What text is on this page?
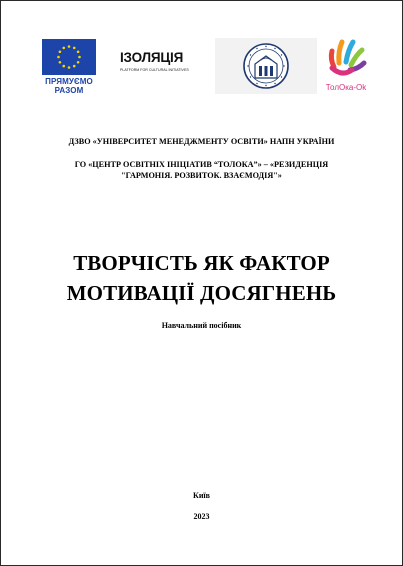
ПРЯМУЄМО
РАЗОМ
ІЗОЛЯЦІЯ
PLATFORM FOR CULTURAL INITIATIVES
ТолОка-Ok
ДЗВО «УНІВЕРСИТЕТ МЕНЕДЖМЕНТУ ОСВІТИ» НАПН УКРАЇНИ
ГО «ЦЕНТР ОСВІТНІХ ІНІЦІАТИВ “ТОЛОКА”» – «РЕЗИДЕНЦІЯ
"ГАРМОНІЯ. РОЗВИТОК. ВЗАЄМОДІЯ"»
ТВОРЧІСТЬ ЯК ФАКТОР
МОТИВАЦІЇ ДОСЯГНЕНЬ
Навчальний посібник
Київ
2023
